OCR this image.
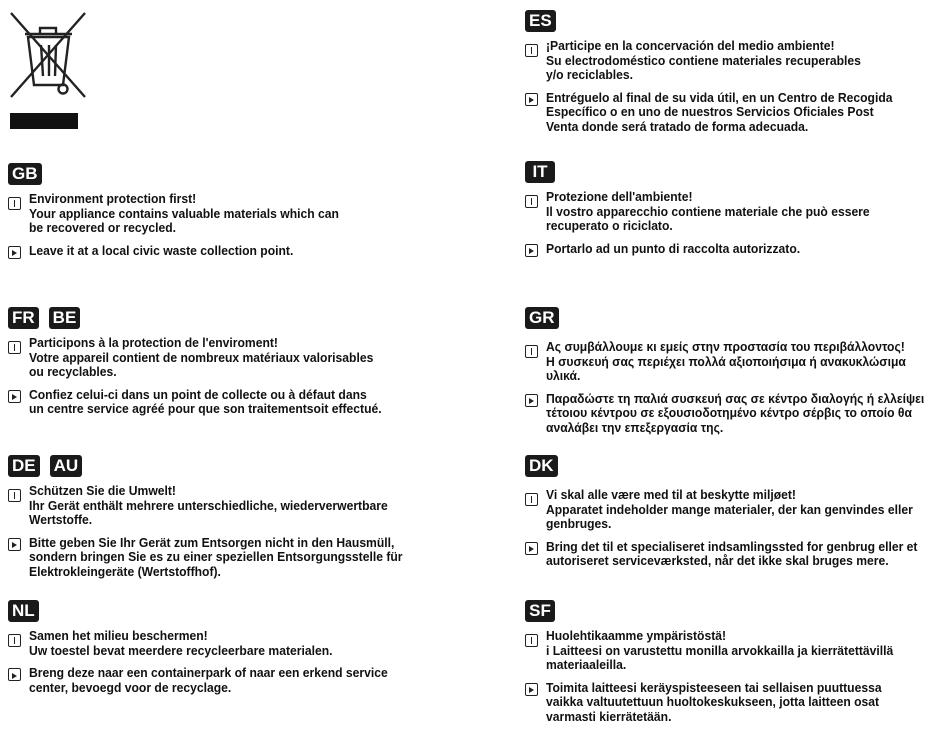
GB
Environment protection first!
Your appliance contains valuable materials which can
be recovered or recycled.
Leave it at a local civic waste collection point.
FR BE
Participons à la protection de l'enviroment!
Votre appareil contient de nombreux matériaux valorisables
ou recyclables.
Confiez celui-ci dans un point de collecte ou à défaut dans
un centre service agréé pour que son traitementsoit effectué.
DE AU
Schützen Sie die Umwelt!
Ihr Gerät enthält mehrere unterschiedliche, wiederverwertbare
Wertstoffe.
Bitte geben Sie Ihr Gerät zum Entsorgen nicht in den Hausmüll,
sondern bringen Sie es zu einer speziellen Entsorgungsstelle für
Elektrokleingeräte (Wertstoffhof).
NL
Samen het milieu beschermen!
Uw toestel bevat meerdere recycleerbare materialen.
Breng deze naar een containerpark of naar een erkend service
center, bevoegd voor de recyclage.
ES
¡Participe en la concervación del medio ambiente!
Su electrodoméstico contiene materiales recuperables
y/o reciclables.
Entréguelo al final de su vida útil, en un Centro de Recogida
Específico o en uno de nuestros Servicios Oficiales Post
Venta donde será tratado de forma adecuada.
IT
Protezione dell'ambiente!
Il vostro apparecchio contiene materiale che può essere
recuperato o riciclato.
Portarlo ad un punto di raccolta autorizzato.
GR
Ας συμβάλλουμε κι εμείς στην προστασία του περιβάλλοντος!
Η συσκευή σας περιέχει πολλά αξιοποιήσιμα ή ανακυκλώσιμα
υλικά.
Παραδώστε τη παλιά συσκευή σας σε κέντρο διαλογής ή ελλείψει
τέτοιου κέντρου σε εξουσιοδοτημένο κέντρο σέρβις το οποίο θα
αναλάβει την επεξεργασία της.
DK
Vi skal alle være med til at beskytte miljøet!
Apparatet indeholder mange materialer, der kan genvindes eller
genbruges.
Bring det til et specialiseret indsamlingssted for genbrug eller et
autoriseret serviceværksted, når det ikke skal bruges mere.
SF
Huolehtikaamme ympäristöstä!
i Laitteesi on varustettu monilla arvokkailla ja kierrätettävillä
materiaaleilla.
Toimita laitteesi keräyspisteeseen tai sellaisen puuttuessa
vaikka valtuutettuun huoltokeskukseen, jotta laitteen osat
varmasti kierrätetään.
